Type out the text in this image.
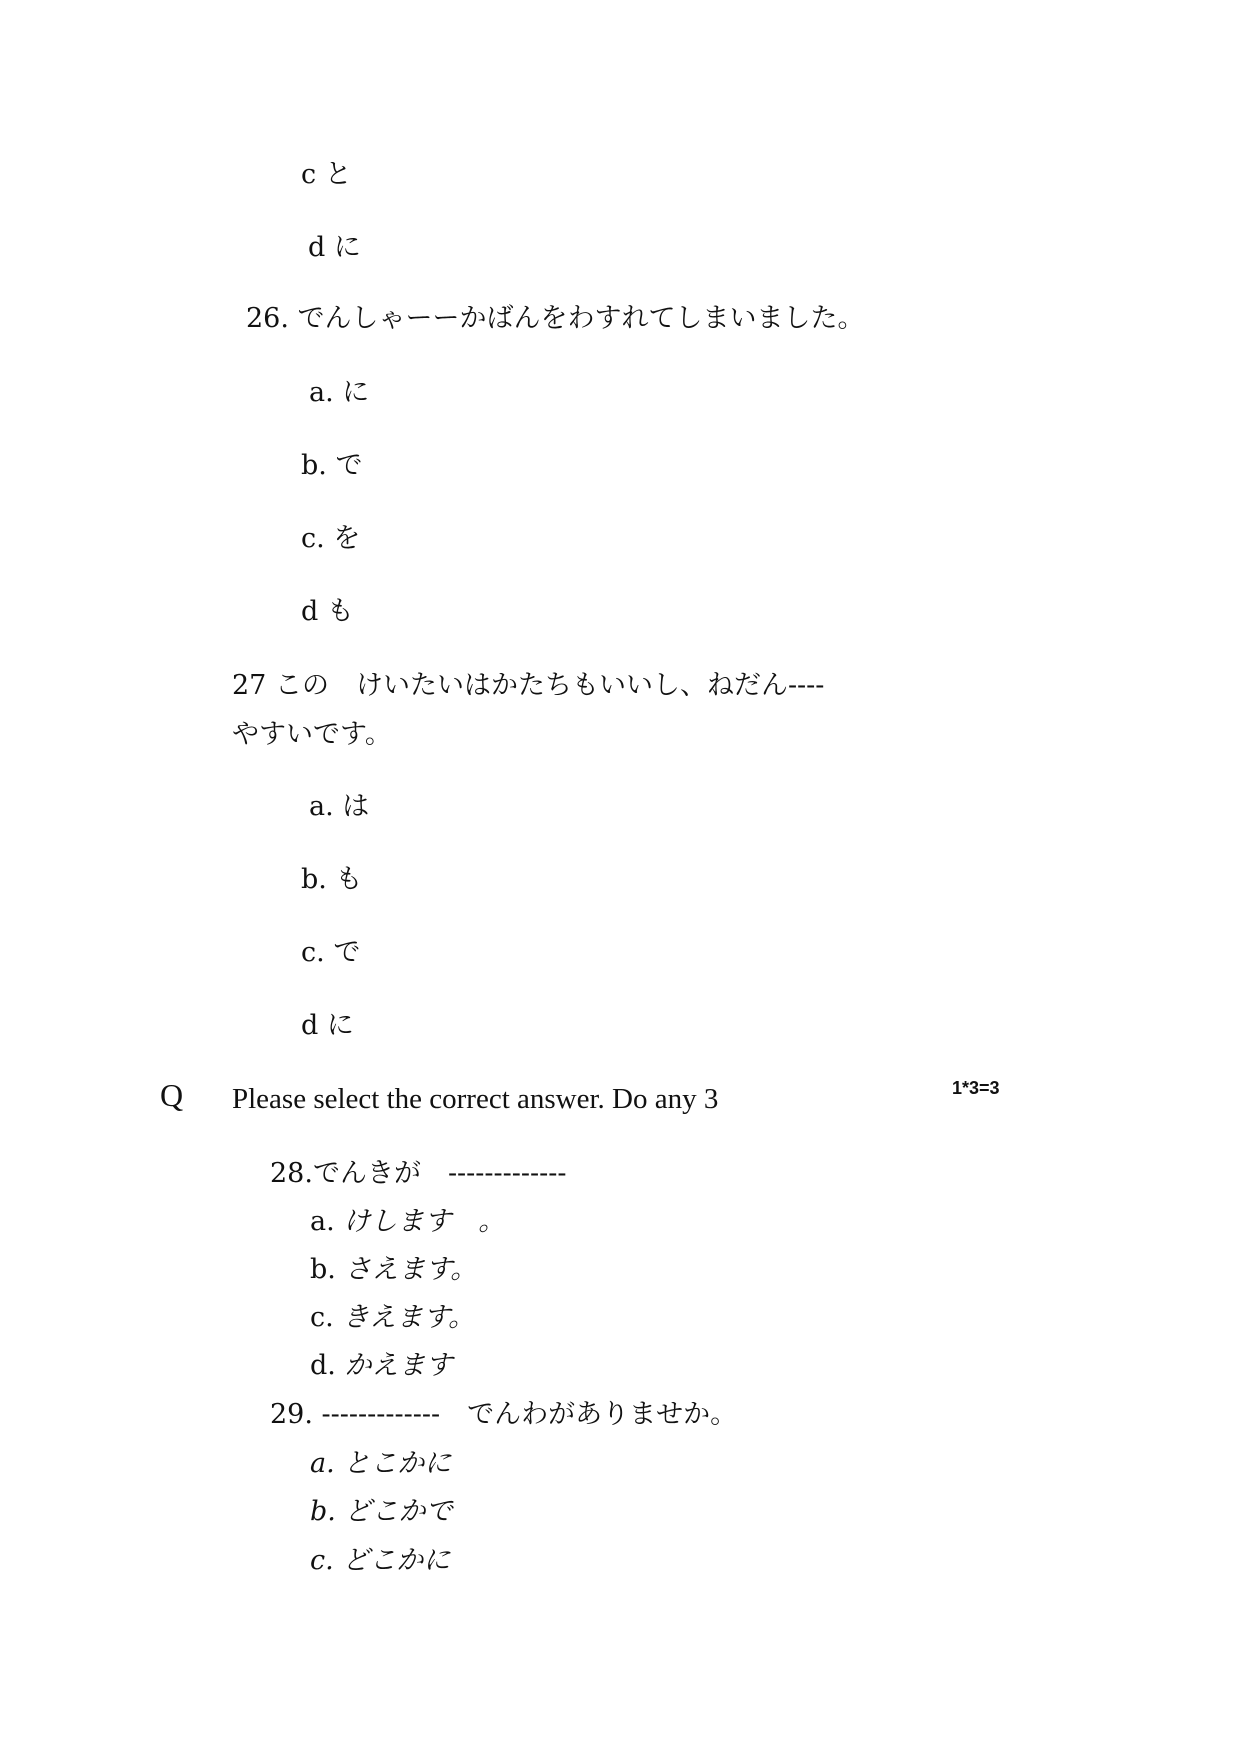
c と
d に
26. でんしゃーーかばんをわすれてしまいました。
a. に
b. で
c. を
d も
27 この　けいたいはかたちもいいし、ねだん----
やすいです。
a. は
b. も
c. で
d に
Q Please select the correct answer. Do any 3	1*3=3
28.でんきが　-------------
a. けします　。
b. さえます。
c. きえます。
d. かえます
29. -------------　でんわがありませか。
a. とこかに
b. どこかで
c. どこかに
